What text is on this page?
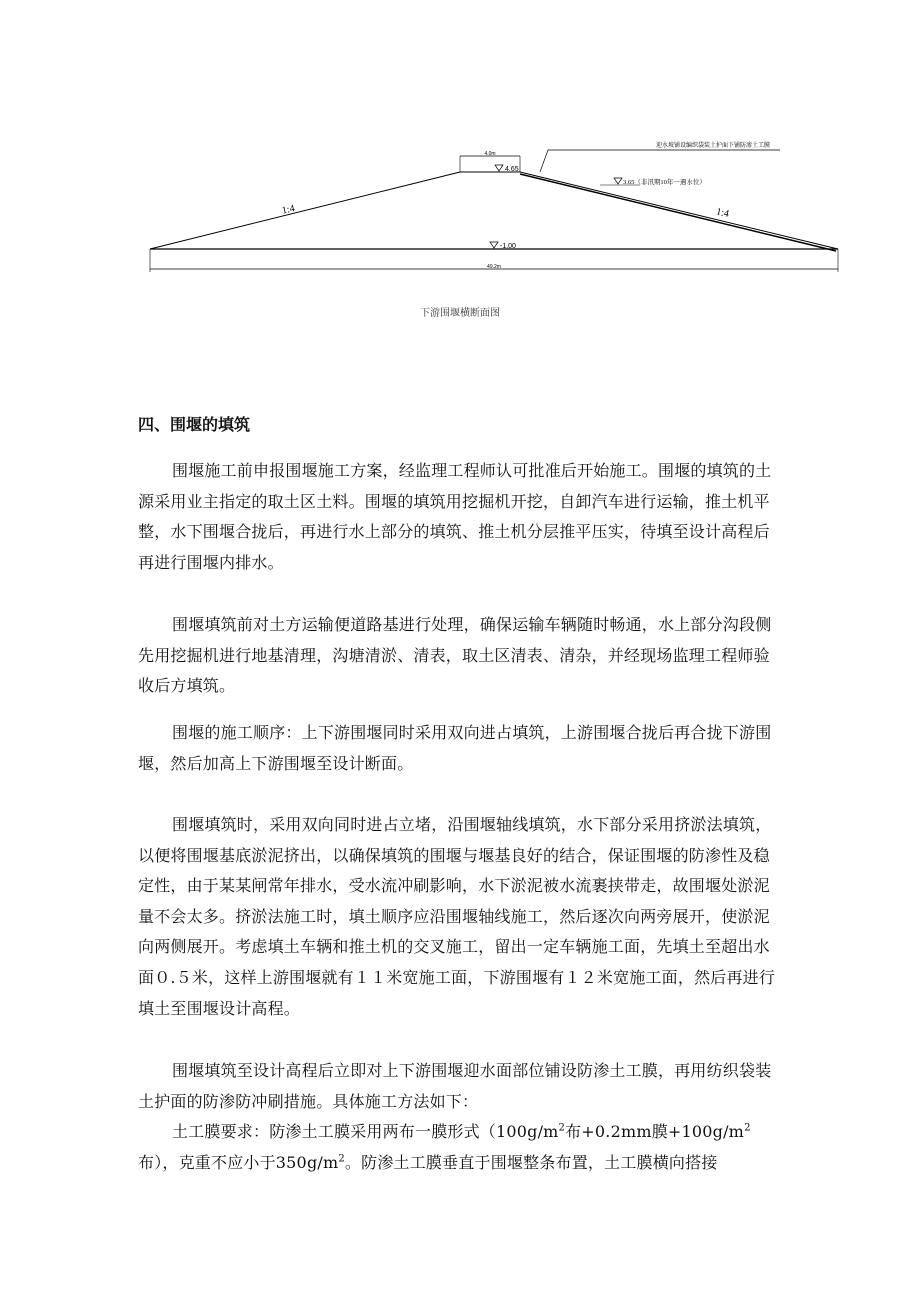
4.0m
4.65
迎水坡铺设编织袋装土护面下铺防渗土工膜
3.65（非汛期10年一遇水位）
1:4	1:4
-1.00
49.2m
下游围堰横断面图
四、围堰的填筑

围堰施工前申报围堰施工方案，经监理工程师认可批准后开始施工。围堰的填筑的土源采用业主指定的取土区土料。围堰的填筑用挖掘机开挖，自卸汽车进行运输，推土机平整，水下围堰合拢后，再进行水上部分的填筑、推土机分层推平压实，待填至设计高程后再进行围堰内排水。

围堰填筑前对土方运输便道路基进行处理，确保运输车辆随时畅通，水上部分沟段侧先用挖掘机进行地基清理，沟塘清淤、清表，取土区清表、清杂，并经现场监理工程师验收后方填筑。

围堰的施工顺序：上下游围堰同时采用双向进占填筑，上游围堰合拢后再合拢下游围堰，然后加高上下游围堰至设计断面。

围堰填筑时，采用双向同时进占立堵，沿围堰轴线填筑，水下部分采用挤淤法填筑，以便将围堰基底淤泥挤出，以确保填筑的围堰与堰基良好的结合，保证围堰的防渗性及稳定性，由于某某闸常年排水，受水流冲刷影响，水下淤泥被水流裹挟带走，故围堰处淤泥量不会太多。挤淤法施工时，填土顺序应沿围堰轴线施工，然后逐次向两旁展开，使淤泥向两侧展开。考虑填土车辆和推土机的交叉施工，留出一定车辆施工面，先填土至超出水面０.５米，这样上游围堰就有１１米宽施工面，下游围堰有１２米宽施工面，然后再进行填土至围堰设计高程。

围堰填筑至设计高程后立即对上下游围堰迎水面部位铺设防渗土工膜，再用纺织袋装土护面的防渗防冲刷措施。具体施工方法如下：

土工膜要求：防渗土工膜采用两布一膜形式（$100g/m^2$布+0.2mm膜$+100g/m^2$布），克重不应小于$350g/m^2$。防渗土工膜垂直于围堰整条布置，土工膜横向搭接
